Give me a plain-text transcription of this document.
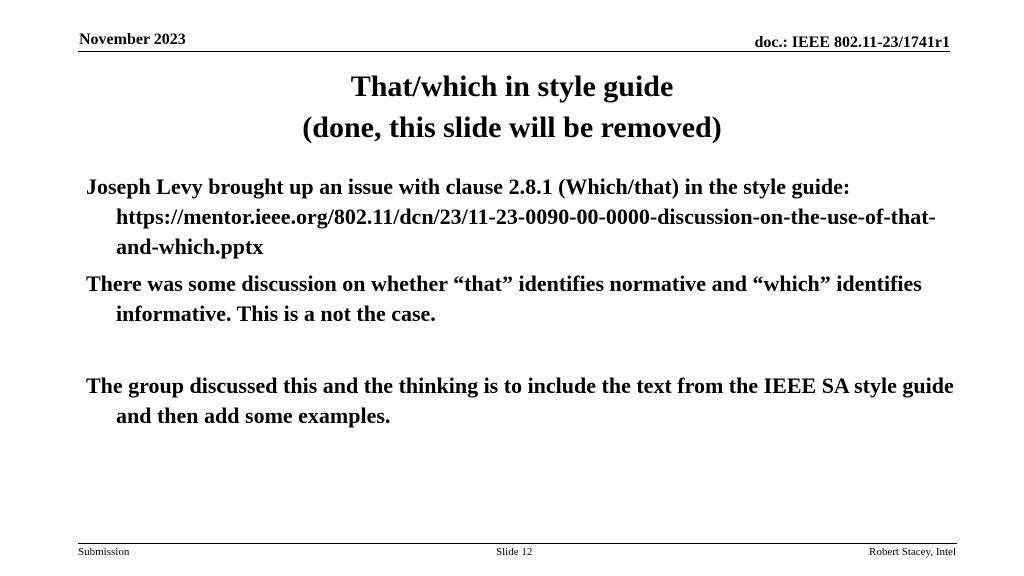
November 2023	doc.: IEEE 802.11-23/1741r1
That/which in style guide
(done, this slide will be removed)

Joseph Levy brought up an issue with clause 2.8.1 (Which/that) in the style guide: https://mentor.ieee.org/802.11/dcn/23/11-23-0090-00-0000-discussion-on-the-use-of-that-and-which.pptx

There was some discussion on whether “that” identifies normative and “which” identifies informative. This is a not the case.

The group discussed this and the thinking is to include the text from the IEEE SA style guide and then add some examples.

Submission	Slide 12	Robert Stacey, Intel
